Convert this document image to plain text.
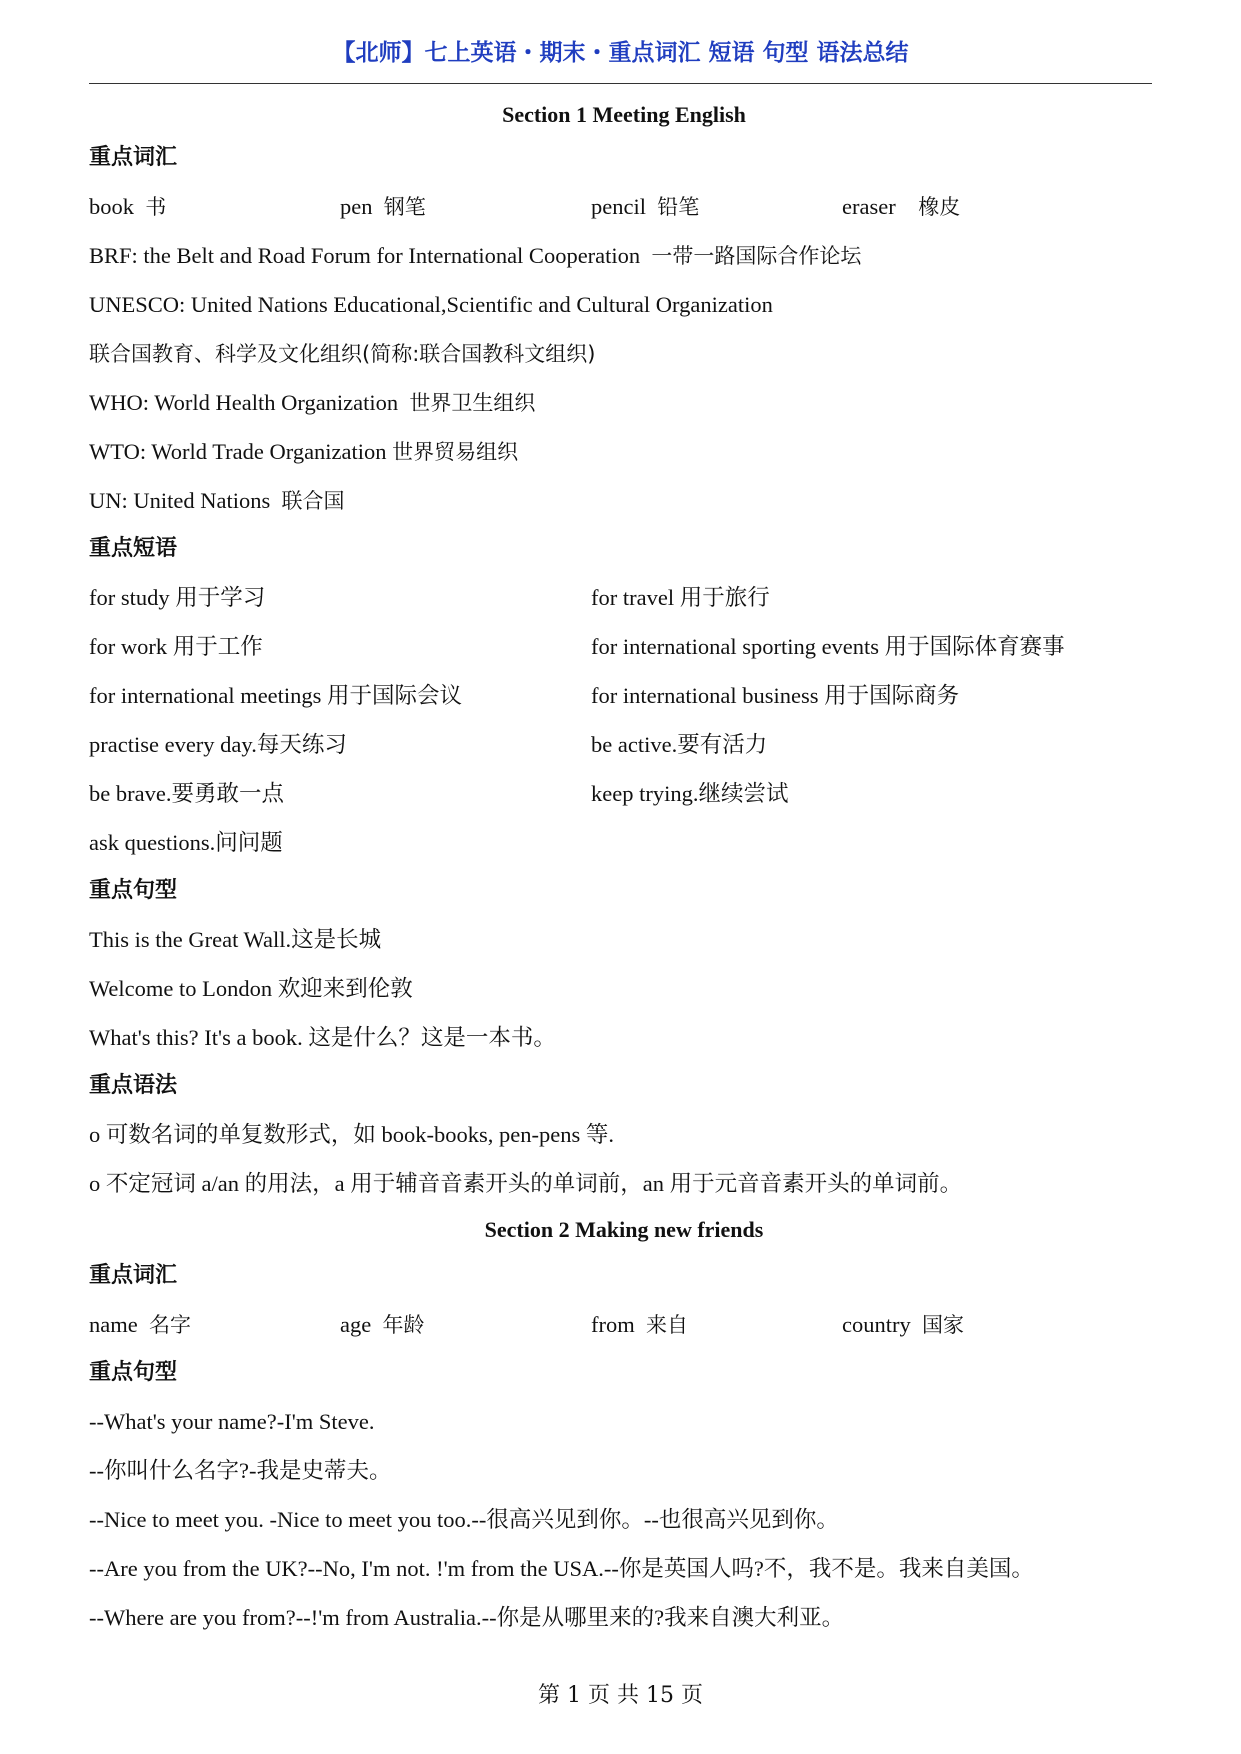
【北师】七上英语・期末・重点词汇 短语 句型 语法总结
Section 1 Meeting English
重点词汇
book 书	pen 钢笔	pencil 铅笔	eraser 橡皮
BRF: the Belt and Road Forum for International Cooperation 一带一路国际合作论坛
UNESCO: United Nations Educational,Scientific and Cultural Organization
联合国教育、科学及文化组织(简称:联合国教科文组织)
WHO: World Health Organization 世界卫生组织
WTO: World Trade Organization 世界贸易组织
UN: United Nations 联合国
重点短语
for study 用于学习	for travel 用于旅行
for work 用于工作	for international sporting events 用于国际体育赛事
for international meetings 用于国际会议	for international business 用于国际商务
practise every day.每天练习	be active.要有活力
be brave.要勇敢一点	keep trying.继续尝试
ask questions.问问题
重点句型
This is the Great Wall.这是长城
Welcome to London 欢迎来到伦敦
What's this? It's a book. 这是什么？这是一本书。
重点语法
o 可数名词的单复数形式，如 book-books, pen-pens 等.
o 不定冠词 a/an 的用法，a 用于辅音音素开头的单词前，an 用于元音音素开头的单词前。
Section 2 Making new friends
重点词汇
name 名字	age 年龄	from 来自	country 国家
重点句型
--What's your name?-I'm Steve.
--你叫什么名字?-我是史蒂夫。
--Nice to meet you. -Nice to meet you too.--很高兴见到你。--也很高兴见到你。
--Are you from the UK?--No, I'm not. !'m from the USA.--你是英国人吗?不，我不是。我来自美国。
--Where are you from?--!'m from Australia.--你是从哪里来的?我来自澳大利亚。
第 1 页 共 15 页
